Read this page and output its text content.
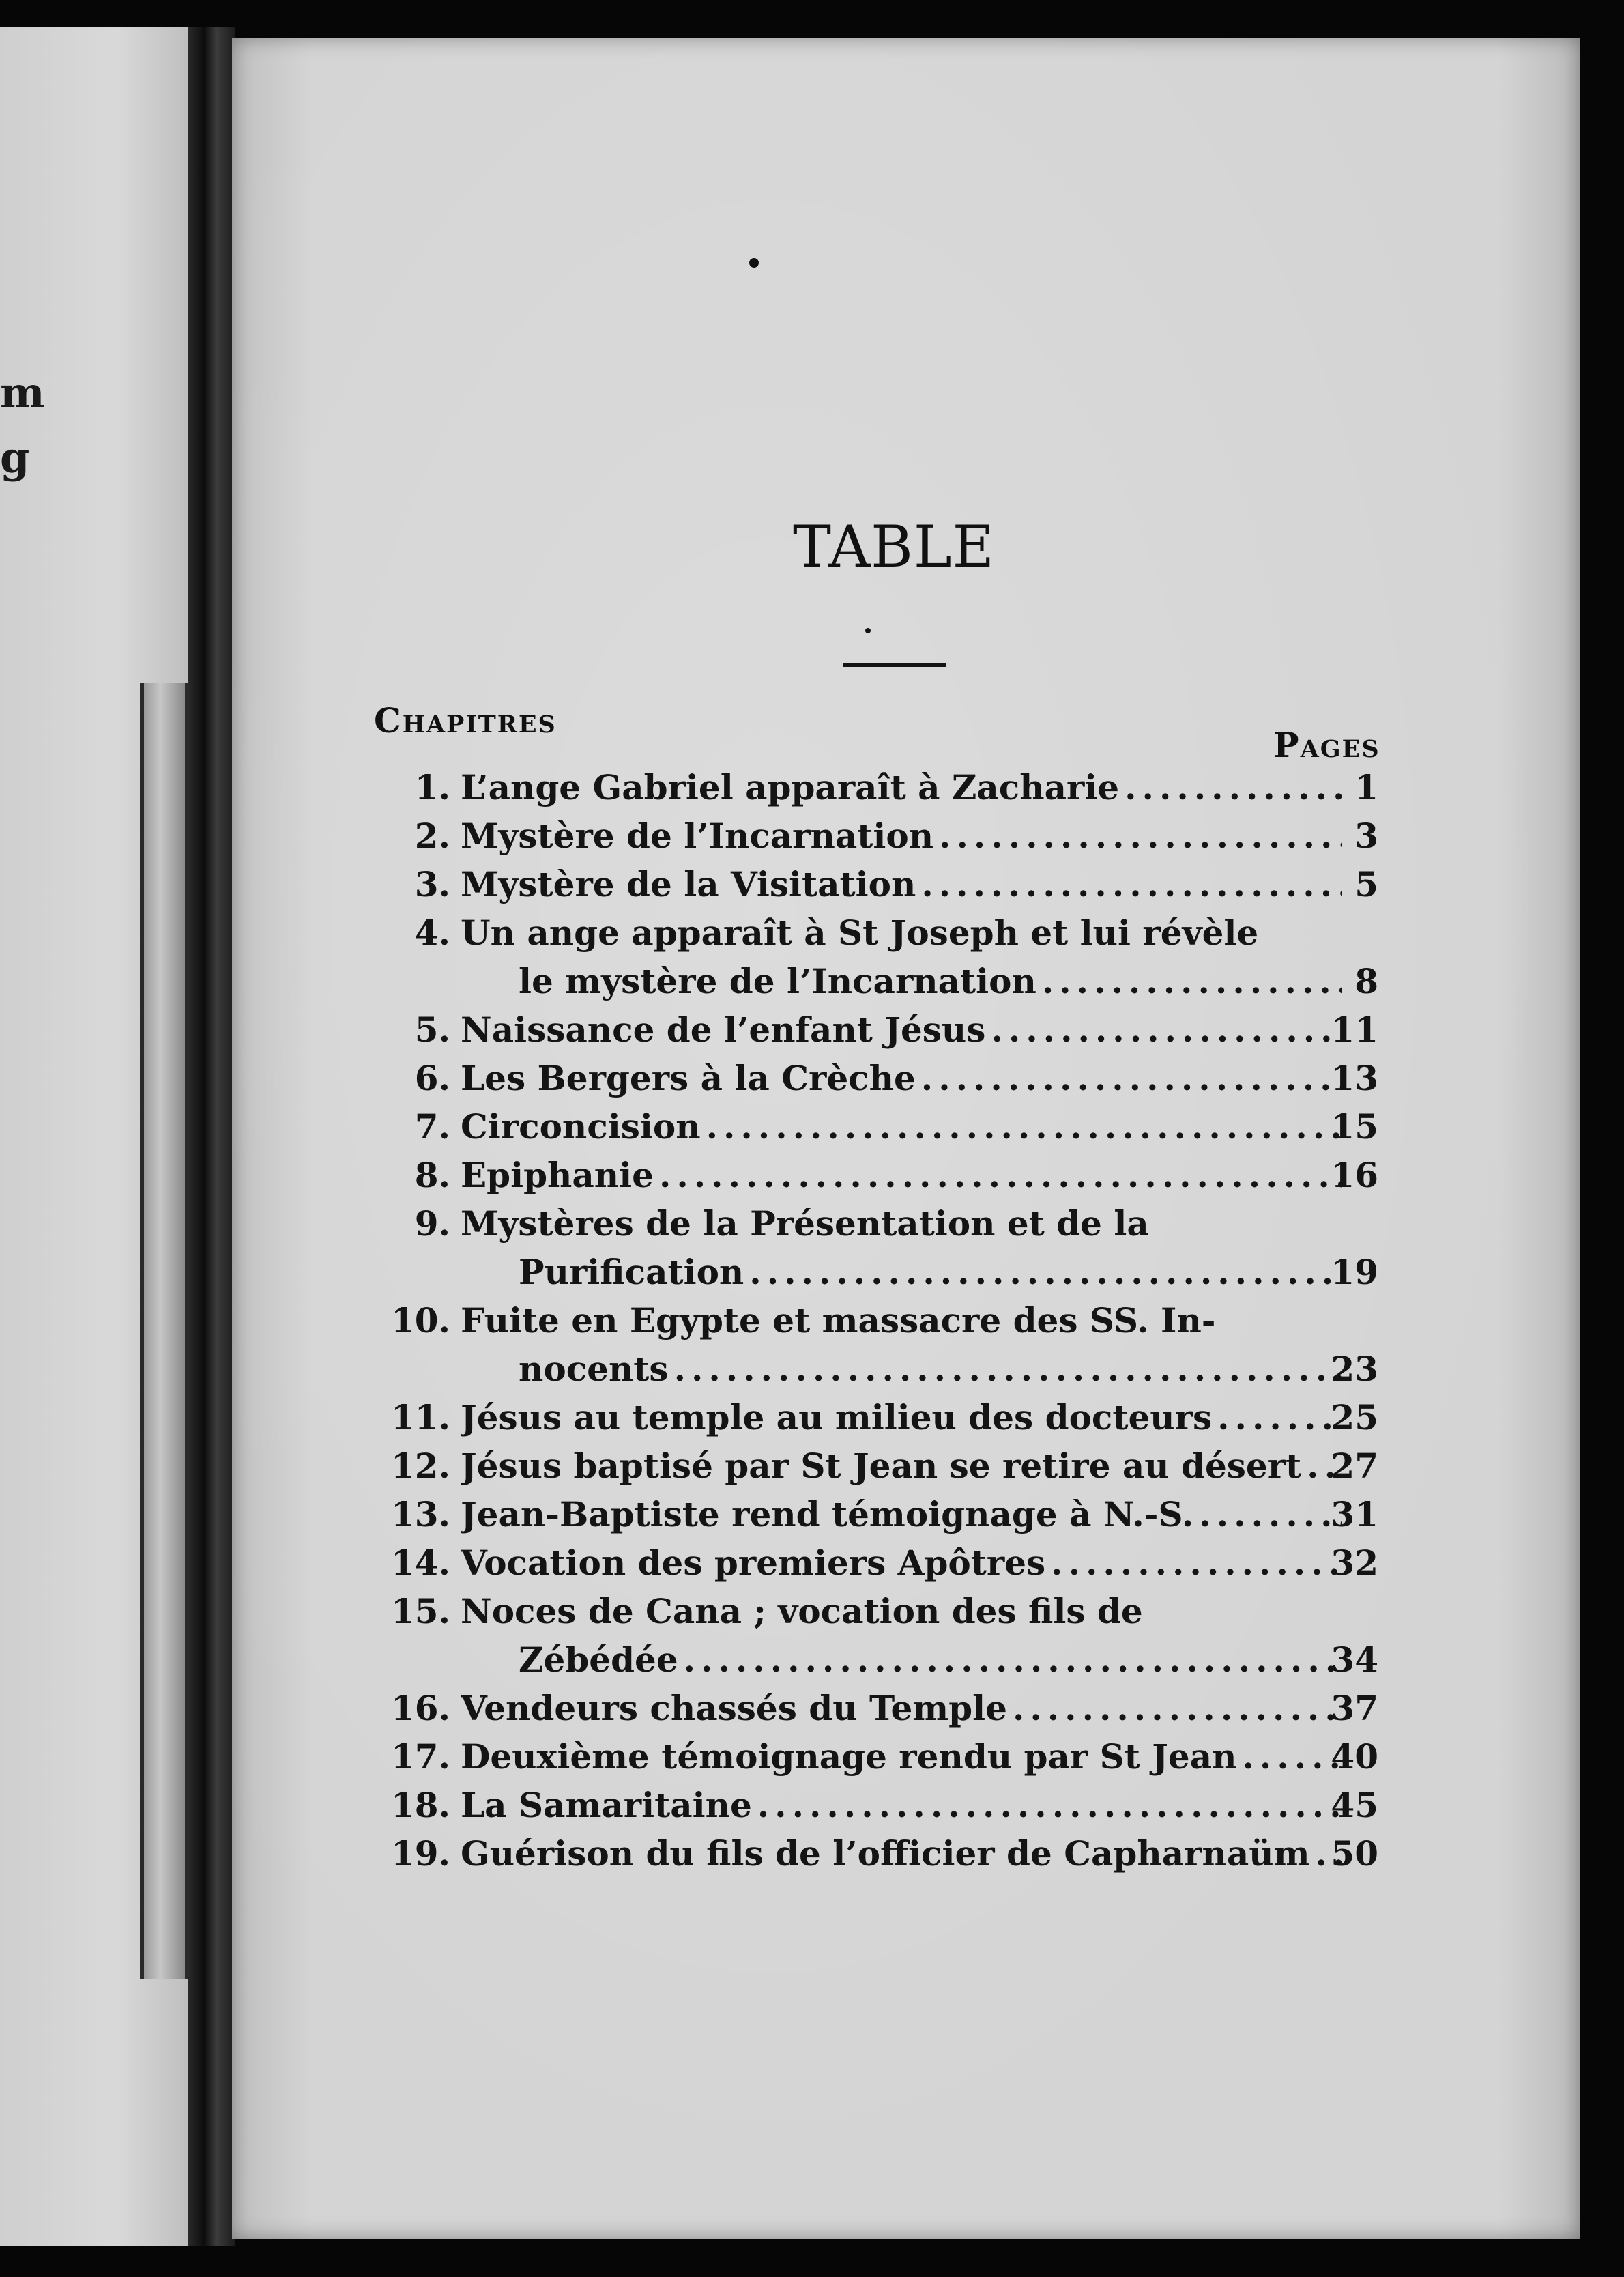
m
g
TABLE
Chapitres
Pages
1. L’ange Gabriel apparaît à Zacharie .....	1
2. Mystère de l’Incarnation .....	3
3. Mystère de la Visitation .....	5
4. Un ange apparaît à St Joseph et lui révèle
le mystère de l’Incarnation .....	8
5. Naissance de l’enfant Jésus .....	11
6. Les Bergers à la Crèche .....	13
7. Circoncision .....	15
8. Epiphanie .....	16
9. Mystères de la Présentation et de la
Purification .....	19
10. Fuite en Egypte et massacre des SS. In-
nocents .....	23
11. Jésus au temple au milieu des docteurs .....	25
12. Jésus baptisé par St Jean se retire au désert ..... 27
13. Jean-Baptiste rend témoignage à N.-S. .....	31
14. Vocation des premiers Apôtres .....	32
15. Noces de Cana ; vocation des fils de
Zébédée .....	34
16. Vendeurs chassés du Temple .....	37
17. Deuxième témoignage rendu par St Jean .....	40
18. La Samaritaine .....	45
19. Guérison du fils de l’officier de Capharnaüm ..... 50
